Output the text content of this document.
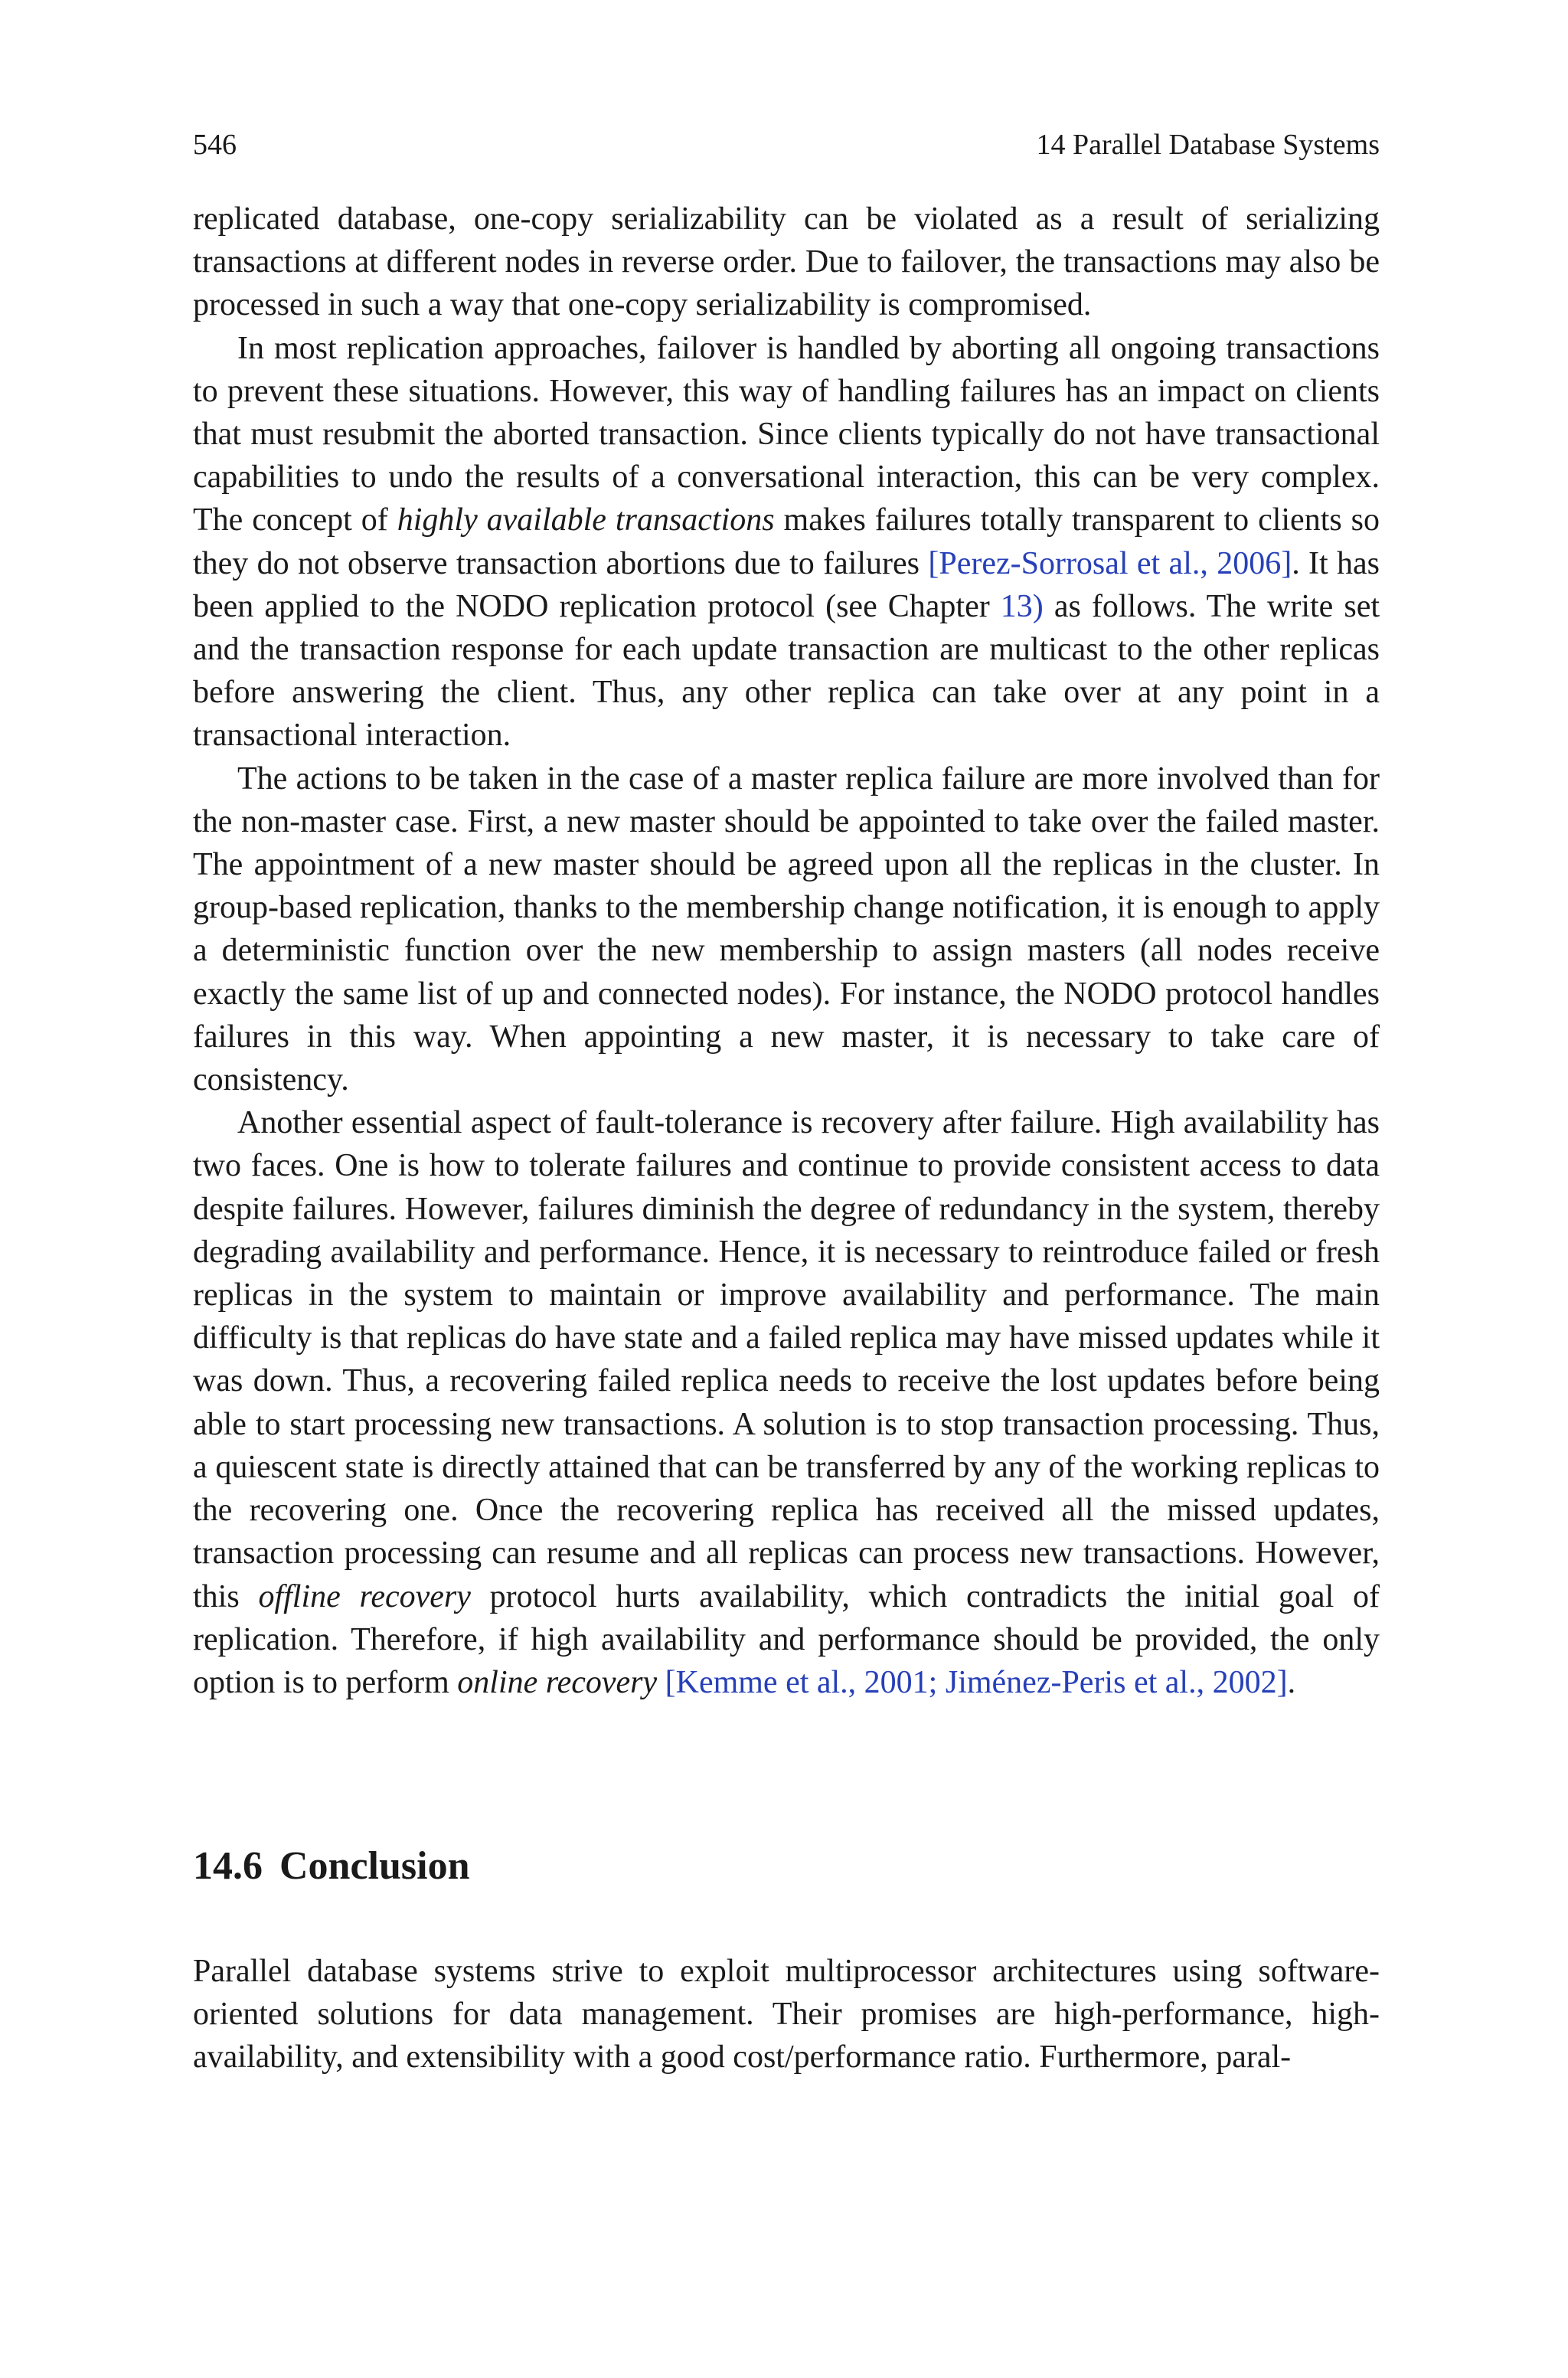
546	14 Parallel Database Systems

replicated database, one-copy serializability can be violated as a result of serializing transactions at different nodes in reverse order. Due to failover, the transactions may also be processed in such a way that one-copy serializability is compromised.

In most replication approaches, failover is handled by aborting all ongoing transactions to prevent these situations. However, this way of handling failures has an impact on clients that must resubmit the aborted transaction. Since clients typically do not have transactional capabilities to undo the results of a conversational interaction, this can be very complex. The concept of highly available transactions makes failures totally transparent to clients so they do not observe transaction abortions due to failures [Perez-Sorrosal et al., 2006]. It has been applied to the NODO replication protocol (see Chapter 13) as follows. The write set and the transaction response for each update transaction are multicast to the other replicas before answering the client. Thus, any other replica can take over at any point in a transactional interaction.

The actions to be taken in the case of a master replica failure are more involved than for the non-master case. First, a new master should be appointed to take over the failed master. The appointment of a new master should be agreed upon all the replicas in the cluster. In group-based replication, thanks to the membership change notification, it is enough to apply a deterministic function over the new membership to assign masters (all nodes receive exactly the same list of up and connected nodes). For instance, the NODO protocol handles failures in this way. When appointing a new master, it is necessary to take care of consistency.

Another essential aspect of fault-tolerance is recovery after failure. High availability has two faces. One is how to tolerate failures and continue to provide consistent access to data despite failures. However, failures diminish the degree of redundancy in the system, thereby degrading availability and performance. Hence, it is necessary to reintroduce failed or fresh replicas in the system to maintain or improve availability and performance. The main difficulty is that replicas do have state and a failed replica may have missed updates while it was down. Thus, a recovering failed replica needs to receive the lost updates before being able to start processing new transactions. A solution is to stop transaction processing. Thus, a quiescent state is directly attained that can be transferred by any of the working replicas to the recovering one. Once the recovering replica has received all the missed updates, transaction processing can resume and all replicas can process new transactions. However, this offline recovery protocol hurts availability, which contradicts the initial goal of replication. Therefore, if high availability and performance should be provided, the only option is to perform online recovery [Kemme et al., 2001; Jiménez-Peris et al., 2002].

14.6 Conclusion

Parallel database systems strive to exploit multiprocessor architectures using software-oriented solutions for data management. Their promises are high-performance, high-availability, and extensibility with a good cost/performance ratio. Furthermore, paral-
